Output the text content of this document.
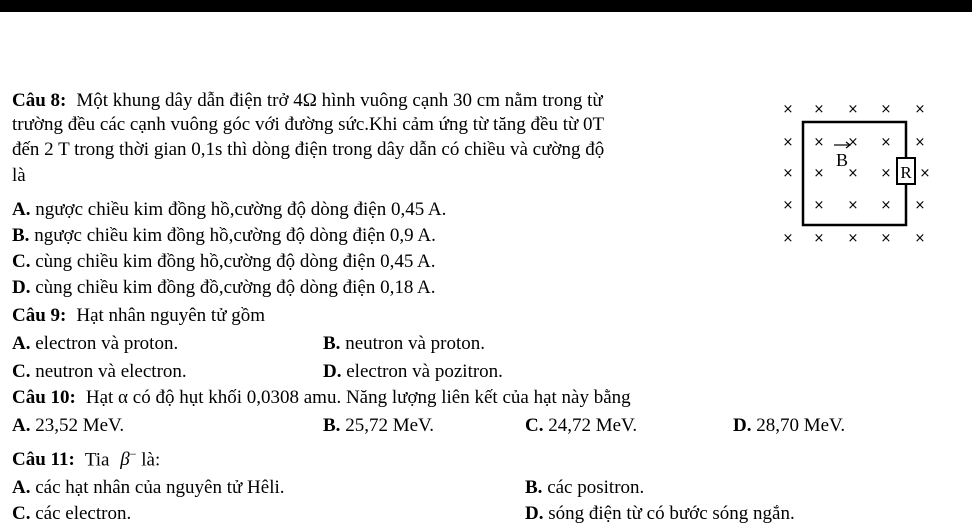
Câu 8: Một khung dây dẫn điện trở 4Ω hình vuông cạnh 30 cm nằm trong từ
trường đều các cạnh vuông góc với đường sức.Khi cảm ứng từ tăng đều từ 0T
đến 2 T trong thời gian 0,1s thì dòng điện trong dây dẫn có chiều và cường độ
là
A. ngược chiều kim đồng hồ,cường độ dòng điện 0,45 A.
B. ngược chiều kim đồng hồ,cường độ dòng điện 0,9 A.
C. cùng chiều kim đồng hồ,cường độ dòng điện 0,45 A.
D. cùng chiều kim đồng đồ,cường độ dòng điện 0,18 A.
× × × × ×
× × × × ×
× × × × ×
× × × × ×
× × × × ×
R
B
Câu 9: Hạt nhân nguyên tử gồm
A. electron và proton.	B. neutron và proton.
C. neutron và electron.	D. electron và pozitron.
Câu 10: Hạt α có độ hụt khối 0,0308 amu. Năng lượng liên kết của hạt này bằng
A. 23,52 MeV.	B. 25,72 MeV.	C. 24,72 MeV.	D. 28,70 MeV.
Câu 11: Tia β− là:
A. các hạt nhân của nguyên tử Hêli.	B. các positron.
C. các electron.	D. sóng điện từ có bước sóng ngắn.
